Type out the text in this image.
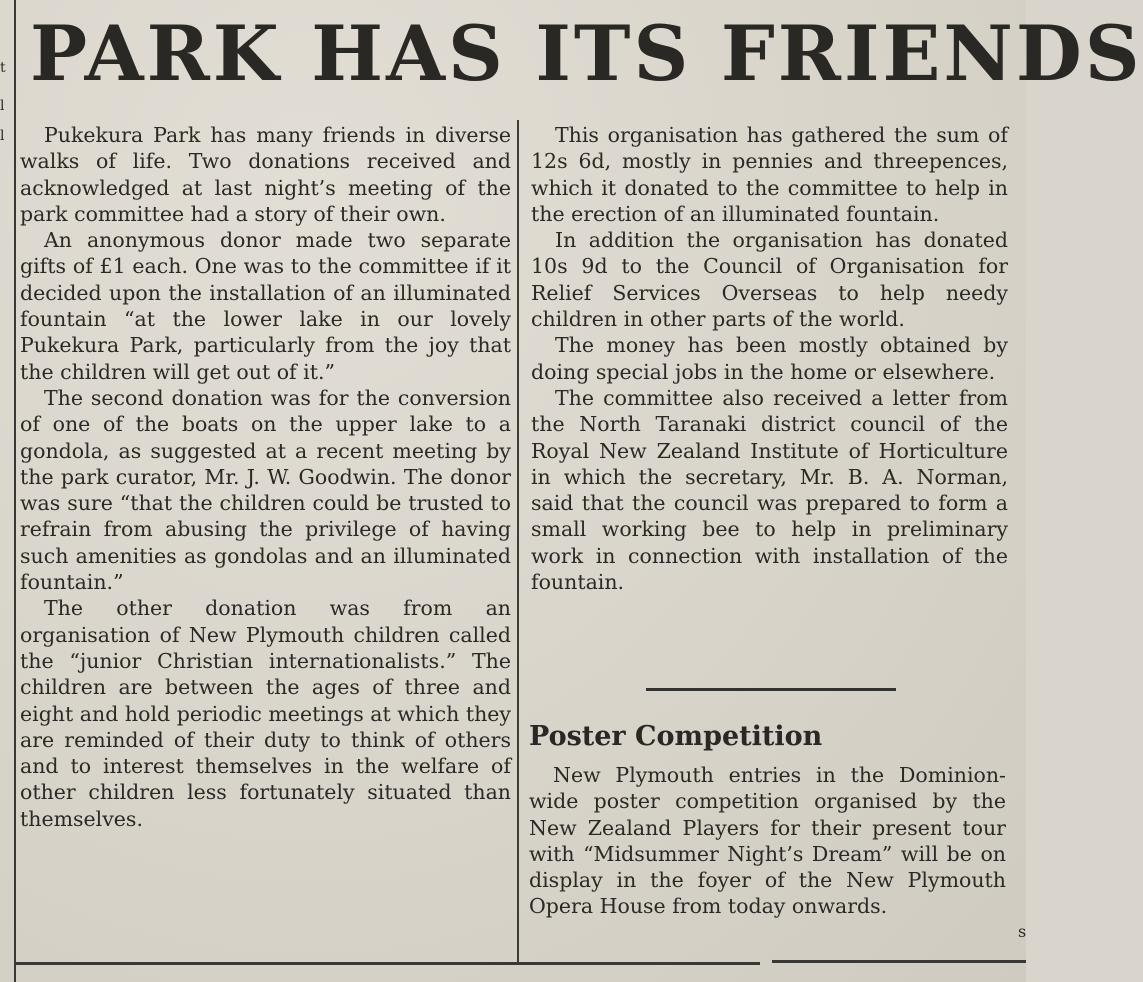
t
l
l
PARK HAS ITS FRIENDS

Pukekura Park has many friends in diverse walks of life. Two donations received and acknowledged at last night’s meeting of the park committee had a story of their own.

An anonymous donor made two separate gifts of £1 each. One was to the committee if it decided upon the installation of an illuminated fountain “at the lower lake in our lovely Pukekura Park, particularly from the joy that the children will get out of it.”

The second donation was for the conversion of one of the boats on the upper lake to a gondola, as suggested at a recent meeting by the park curator, Mr. J. W. Goodwin. The donor was sure “that the children could be trusted to refrain from abusing the privilege of having such amenities as gondolas and an illuminated fountain.”

The other donation was from an organisation of New Plymouth children called the “junior Christian internationalists.” The children are between the ages of three and eight and hold periodic meetings at which they are reminded of their duty to think of others and to interest themselves in the welfare of other children less fortunately situated than themselves.

This organisation has gathered the sum of 12s 6d, mostly in pennies and threepences, which it donated to the committee to help in the erection of an illuminated fountain.

In addition the organisation has donated 10s 9d to the Council of Organisation for Relief Services Overseas to help needy children in other parts of the world.

The money has been mostly obtained by doing special jobs in the home or elsewhere.

The committee also received a letter from the North Taranaki district council of the Royal New Zealand Institute of Horticulture in which the secretary, Mr. B. A. Norman, said that the council was prepared to form a small working bee to help in preliminary work in connection with installation of the fountain.

Poster Competition

New Plymouth entries in the Dominion-wide poster competition organised by the New Zealand Players for their present tour with “Midsummer Night’s Dream” will be on display in the foyer of the New Plymouth Opera House from today onwards.

s
